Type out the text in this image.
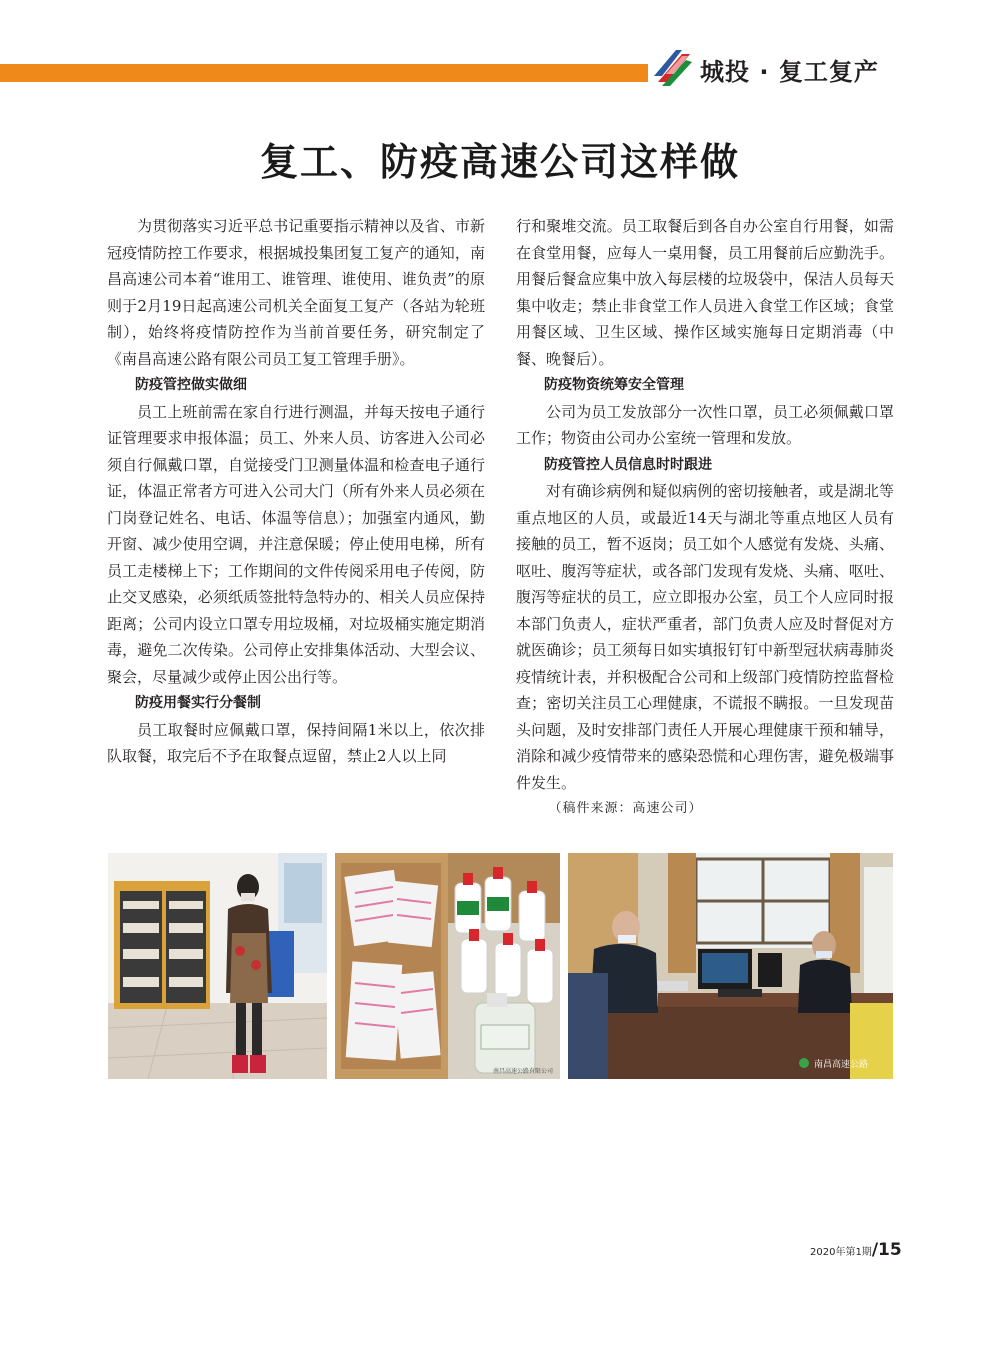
城投 · 复工复产
复工、防疫高速公司这样做

为贯彻落实习近平总书记重要指示精神以及省、市新冠疫情防控工作要求，根据城投集团复工复产的通知，南昌高速公司本着“谁用工、谁管理、谁使用、谁负责”的原则于2月19日起高速公司机关全面复工复产（各站为轮班制），始终将疫情防控作为当前首要任务，研究制定了《南昌高速公路有限公司员工复工管理手册》。

防疫管控做实做细

员工上班前需在家自行进行测温，并每天按电子通行证管理要求申报体温；员工、外来人员、访客进入公司必须自行佩戴口罩，自觉接受门卫测量体温和检查电子通行证，体温正常者方可进入公司大门（所有外来人员必须在门岗登记姓名、电话、体温等信息）；加强室内通风，勤开窗、减少使用空调，并注意保暖；停止使用电梯，所有员工走楼梯上下；工作期间的文件传阅采用电子传阅，防止交叉感染，必须纸质签批特急特办的、相关人员应保持距离；公司内设立口罩专用垃圾桶，对垃圾桶实施定期消毒，避免二次传染。公司停止安排集体活动、大型会议、聚会，尽量减少或停止因公出行等。

防疫用餐实行分餐制

员工取餐时应佩戴口罩，保持间隔1米以上，依次排队取餐，取完后不予在取餐点逗留，禁止2人以上同

行和聚堆交流。员工取餐后到各自办公室自行用餐，如需在食堂用餐，应每人一桌用餐，员工用餐前后应勤洗手。用餐后餐盒应集中放入每层楼的垃圾袋中，保洁人员每天集中收走；禁止非食堂工作人员进入食堂工作区域；食堂用餐区域、卫生区域、操作区域实施每日定期消毒（中餐、晚餐后）。

防疫物资统筹安全管理

公司为员工发放部分一次性口罩，员工必须佩戴口罩工作；物资由公司办公室统一管理和发放。

防疫管控人员信息时时跟进

对有确诊病例和疑似病例的密切接触者，或是湖北等重点地区的人员，或最近14天与湖北等重点地区人员有接触的员工，暂不返岗；员工如个人感觉有发烧、头痛、呕吐、腹泻等症状，或各部门发现有发烧、头痛、呕吐、腹泻等症状的员工，应立即报办公室，员工个人应同时报本部门负责人，症状严重者，部门负责人应及时督促对方就医确诊；员工须每日如实填报钉钉中新型冠状病毒肺炎疫情统计表，并积极配合公司和上级部门疫情防控监督检查；密切关注员工心理健康，不谎报不瞒报。一旦发现苗头问题，及时安排部门责任人开展心理健康干预和辅导，消除和减少疫情带来的感染恐慌和心理伤害，避免极端事件发生。

（稿件来源：高速公司）

南昌高速公路有限公司
南昌高速公路
2020年第1期/15
